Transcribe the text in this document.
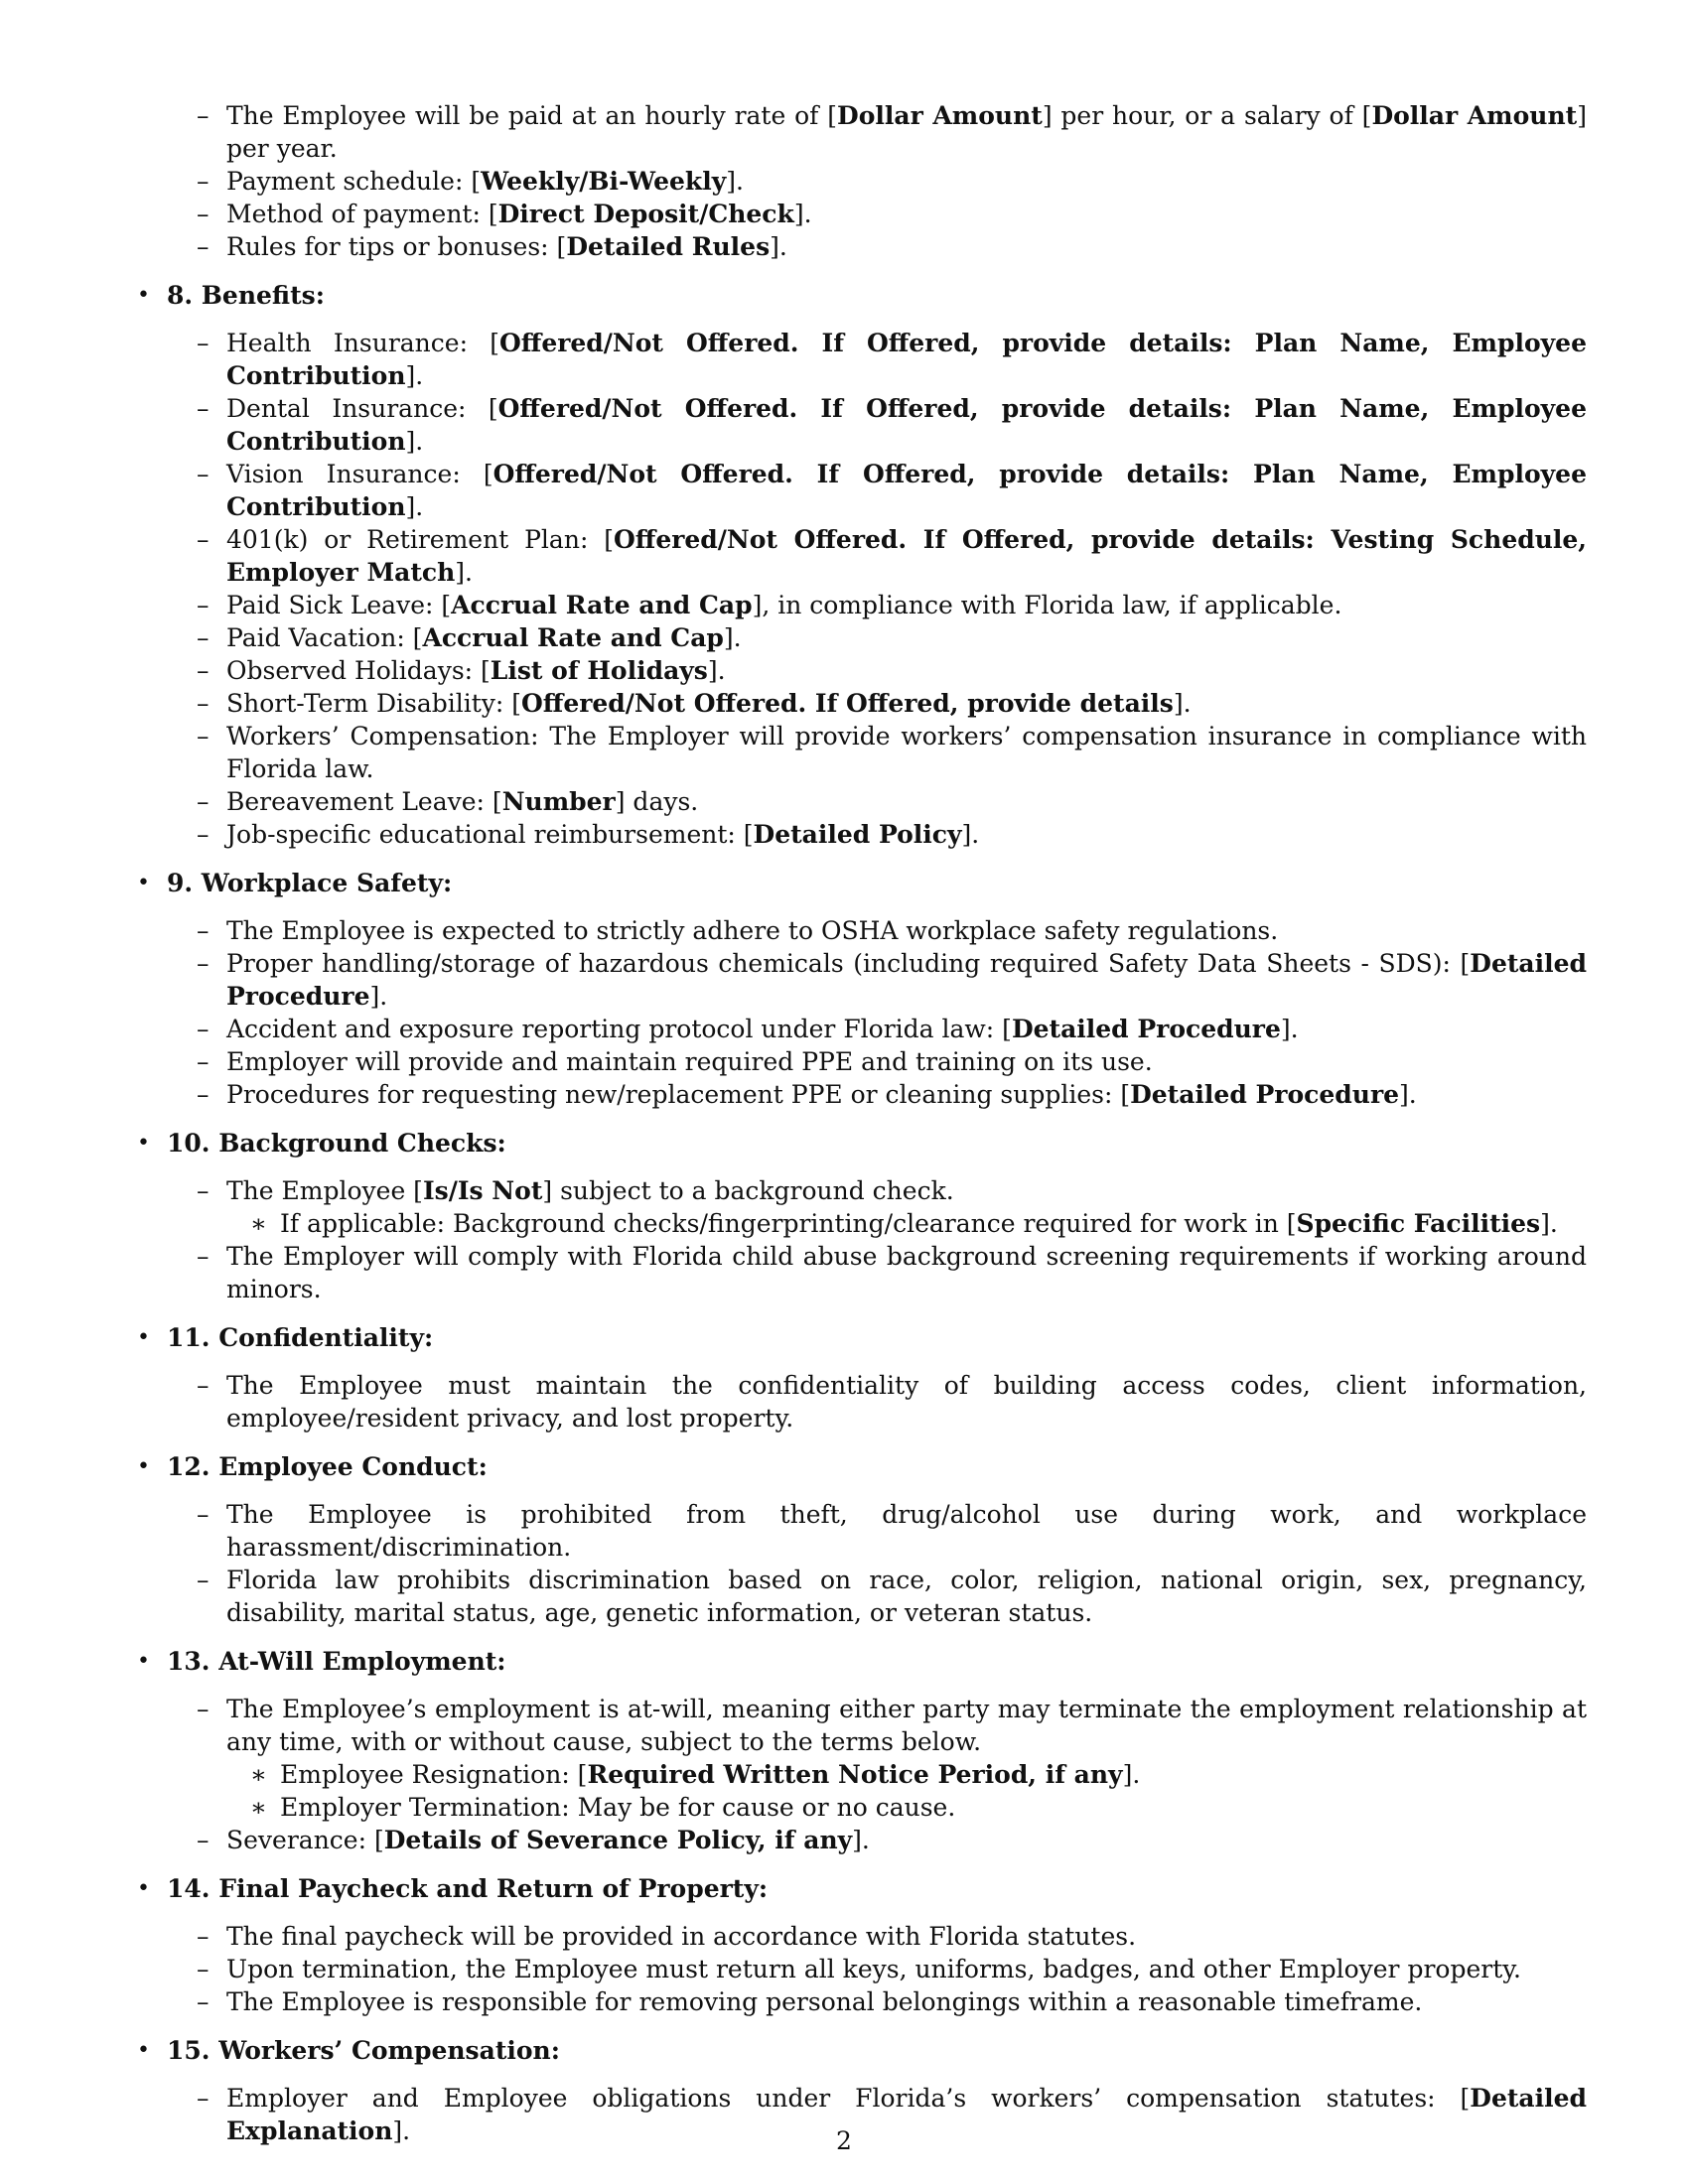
– The Employee will be paid at an hourly rate of [Dollar Amount] per hour, or a salary of [Dollar Amount] per year.
– Payment schedule: [Weekly/Bi-Weekly].
– Method of payment: [Direct Deposit/Check].
– Rules for tips or bonuses: [Detailed Rules].
• 8. Benefits:
– Health Insurance: [Offered/Not Offered. If Offered, provide details: Plan Name, Employee Contribution].
– Dental Insurance: [Offered/Not Offered. If Offered, provide details: Plan Name, Employee Contribution].
– Vision Insurance: [Offered/Not Offered. If Offered, provide details: Plan Name, Employee Contribution].
– 401(k) or Retirement Plan: [Offered/Not Offered. If Offered, provide details: Vesting Schedule, Employer Match].
– Paid Sick Leave: [Accrual Rate and Cap], in compliance with Florida law, if applicable.
– Paid Vacation: [Accrual Rate and Cap].
– Observed Holidays: [List of Holidays].
– Short-Term Disability: [Offered/Not Offered. If Offered, provide details].
– Workers’ Compensation: The Employer will provide workers’ compensation insurance in compliance with Florida law.
– Bereavement Leave: [Number] days.
– Job-specific educational reimbursement: [Detailed Policy].
• 9. Workplace Safety:
– The Employee is expected to strictly adhere to OSHA workplace safety regulations.
– Proper handling/storage of hazardous chemicals (including required Safety Data Sheets - SDS): [Detailed Procedure].
– Accident and exposure reporting protocol under Florida law: [Detailed Procedure].
– Employer will provide and maintain required PPE and training on its use.
– Procedures for requesting new/replacement PPE or cleaning supplies: [Detailed Procedure].
• 10. Background Checks:
– The Employee [Is/Is Not] subject to a background check.
∗ If applicable: Background checks/fingerprinting/clearance required for work in [Specific Facilities].
– The Employer will comply with Florida child abuse background screening requirements if working around minors.
• 11. Confidentiality:
– The Employee must maintain the confidentiality of building access codes, client information, employee/resident privacy, and lost property.
• 12. Employee Conduct:
– The Employee is prohibited from theft, drug/alcohol use during work, and workplace harassment/discrimination.
– Florida law prohibits discrimination based on race, color, religion, national origin, sex, pregnancy, disability, marital status, age, genetic information, or veteran status.
• 13. At-Will Employment:
– The Employee’s employment is at-will, meaning either party may terminate the employment relationship at any time, with or without cause, subject to the terms below.
∗ Employee Resignation: [Required Written Notice Period, if any].
∗ Employer Termination: May be for cause or no cause.
– Severance: [Details of Severance Policy, if any].
• 14. Final Paycheck and Return of Property:
– The final paycheck will be provided in accordance with Florida statutes.
– Upon termination, the Employee must return all keys, uniforms, badges, and other Employer property.
– The Employee is responsible for removing personal belongings within a reasonable timeframe.
• 15. Workers’ Compensation:
– Employer and Employee obligations under Florida’s workers’ compensation statutes: [Detailed Explanation].	2
